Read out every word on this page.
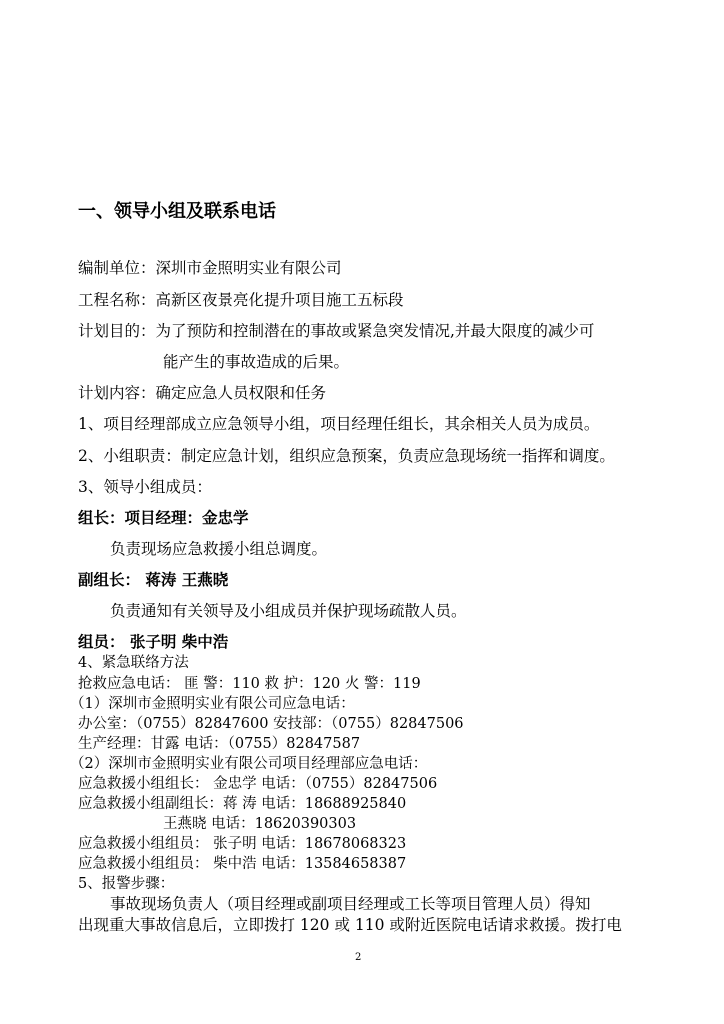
一、领导小组及联系电话
编制单位：深圳市金照明实业有限公司
工程名称：高新区夜景亮化提升项目施工五标段
计划目的：为了预防和控制潜在的事故或紧急突发情况,并最大限度的减少可
能产生的事故造成的后果。
计划内容：确定应急人员权限和任务
1、项目经理部成立应急领导小组，项目经理任组长，其余相关人员为成员。
2、小组职责：制定应急计划，组织应急预案，负责应急现场统一指挥和调度。
3、领导小组成员：
组长：项目经理：金忠学
负责现场应急救援小组总调度。
副组长： 蒋涛 王燕晓
负责通知有关领导及小组成员并保护现场疏散人员。
组员： 张子明 柴中浩
4、紧急联络方法
抢救应急电话： 匪 警：110 救 护：120 火 警：119
（1）深圳市金照明实业有限公司应急电话：
办公室：（0755）82847600 安技部：（0755）82847506
生产经理：甘露 电话：（0755）82847587
（2）深圳市金照明实业有限公司项目经理部应急电话：
应急救援小组组长： 金忠学 电话：（0755）82847506
应急救援小组副组长：蒋 涛 电话：18688925840
王燕晓 电话：18620390303
应急救援小组组员： 张子明 电话：18678068323
应急救援小组组员： 柴中浩 电话：13584658387
5、报警步骤：
事故现场负责人（项目经理或副项目经理或工长等项目管理人员）得知
出现重大事故信息后，立即拨打 120 或 110 或附近医院电话请求救援。拨打电
2
